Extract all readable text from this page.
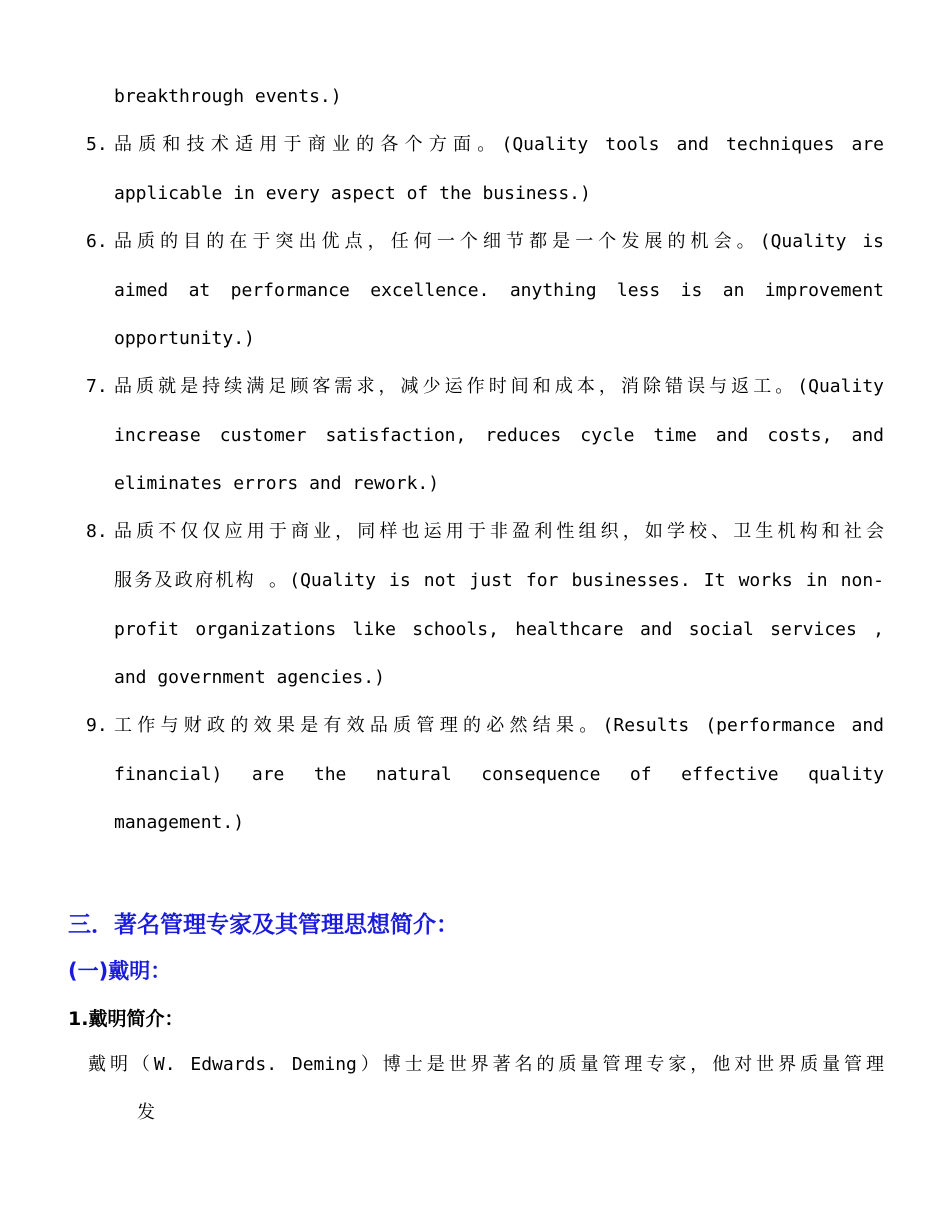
breakthrough events.)
5. 品质和技术适用于商业的各个方面。(Quality tools and techniques are
applicable in every aspect of the business.)
6. 品质的目的在于突出优点，任何一个细节都是一个发展的机会。(Quality is
aimed at performance excellence. anything less is an improvement
opportunity.)
7. 品质就是持续满足顾客需求，减少运作时间和成本，消除错误与返工。(Quality
increase customer satisfaction, reduces cycle time and costs, and
eliminates errors and rework.)
8. 品质不仅仅应用于商业，同样也运用于非盈利性组织，如学校、卫生机构和社会
服务及政府机构 。(Quality is not just for businesses. It works in non-
profit organizations like schools, healthcare and social services ,
and government agencies.)
9. 工作与财政的效果是有效品质管理的必然结果。(Results (performance and
financial) are the natural consequence of effective quality
management.)
三．著名管理专家及其管理思想简介：
(一)戴明：
1.戴明简介：
戴明（W. Edwards. Deming）博士是世界著名的质量管理专家，他对世界质量管理
发
